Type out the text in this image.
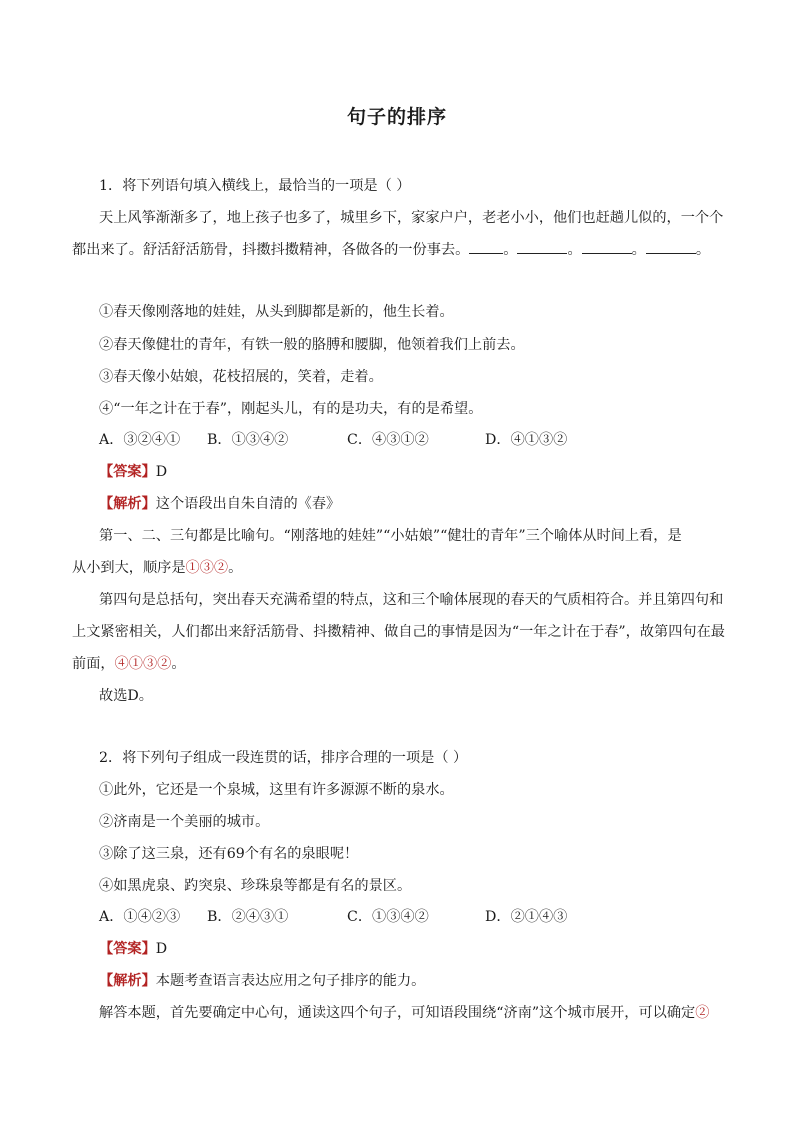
句子的排序
1．将下列语句填入横线上，最恰当的一项是（ ）
天上风筝渐渐多了，地上孩子也多了，城里乡下，家家户户，老老小小，他们也赶趟儿似的，一个个
都出来了。舒活舒活筋骨，抖擞抖擞精神，各做各的一份事去。 。	。	。	。
①春天像刚落地的娃娃，从头到脚都是新的，他生长着。
②春天像健壮的青年，有铁一般的胳膊和腰脚，他领着我们上前去。
③春天像小姑娘，花枝招展的，笑着，走着。
④“一年之计在于春”，刚起头儿，有的是功夫，有的是希望。
A．③②④① B．①③④②	C．④③①②	D．④①③②
【答案】D
【解析】这个语段出自朱自清的《春》
第一、二、三句都是比喻句。“刚落地的娃娃”“小姑娘”“健壮的青年”三个喻体从时间上看，是
从小到大，顺序是①③②。
第四句是总括句，突出春天充满希望的特点，这和三个喻体展现的春天的气质相符合。并且第四句和
上文紧密相关，人们都出来舒活筋骨、抖擞精神、做自己的事情是因为“一年之计在于春”，故第四句在最
前面，④①③②。
故选D。
2．将下列句子组成一段连贯的话，排序合理的一项是（ ）
①此外，它还是一个泉城，这里有许多源源不断的泉水。
②济南是一个美丽的城市。
③除了这三泉，还有69个有名的泉眼呢！
④如黑虎泉、趵突泉、珍珠泉等都是有名的景区。
A．①④②③ B．②④③①	C．①③④②	D．②①④③
【答案】D
【解析】本题考查语言表达应用之句子排序的能力。
解答本题，首先要确定中心句，通读这四个句子，可知语段围绕“济南”这个城市展开，可以确定②
